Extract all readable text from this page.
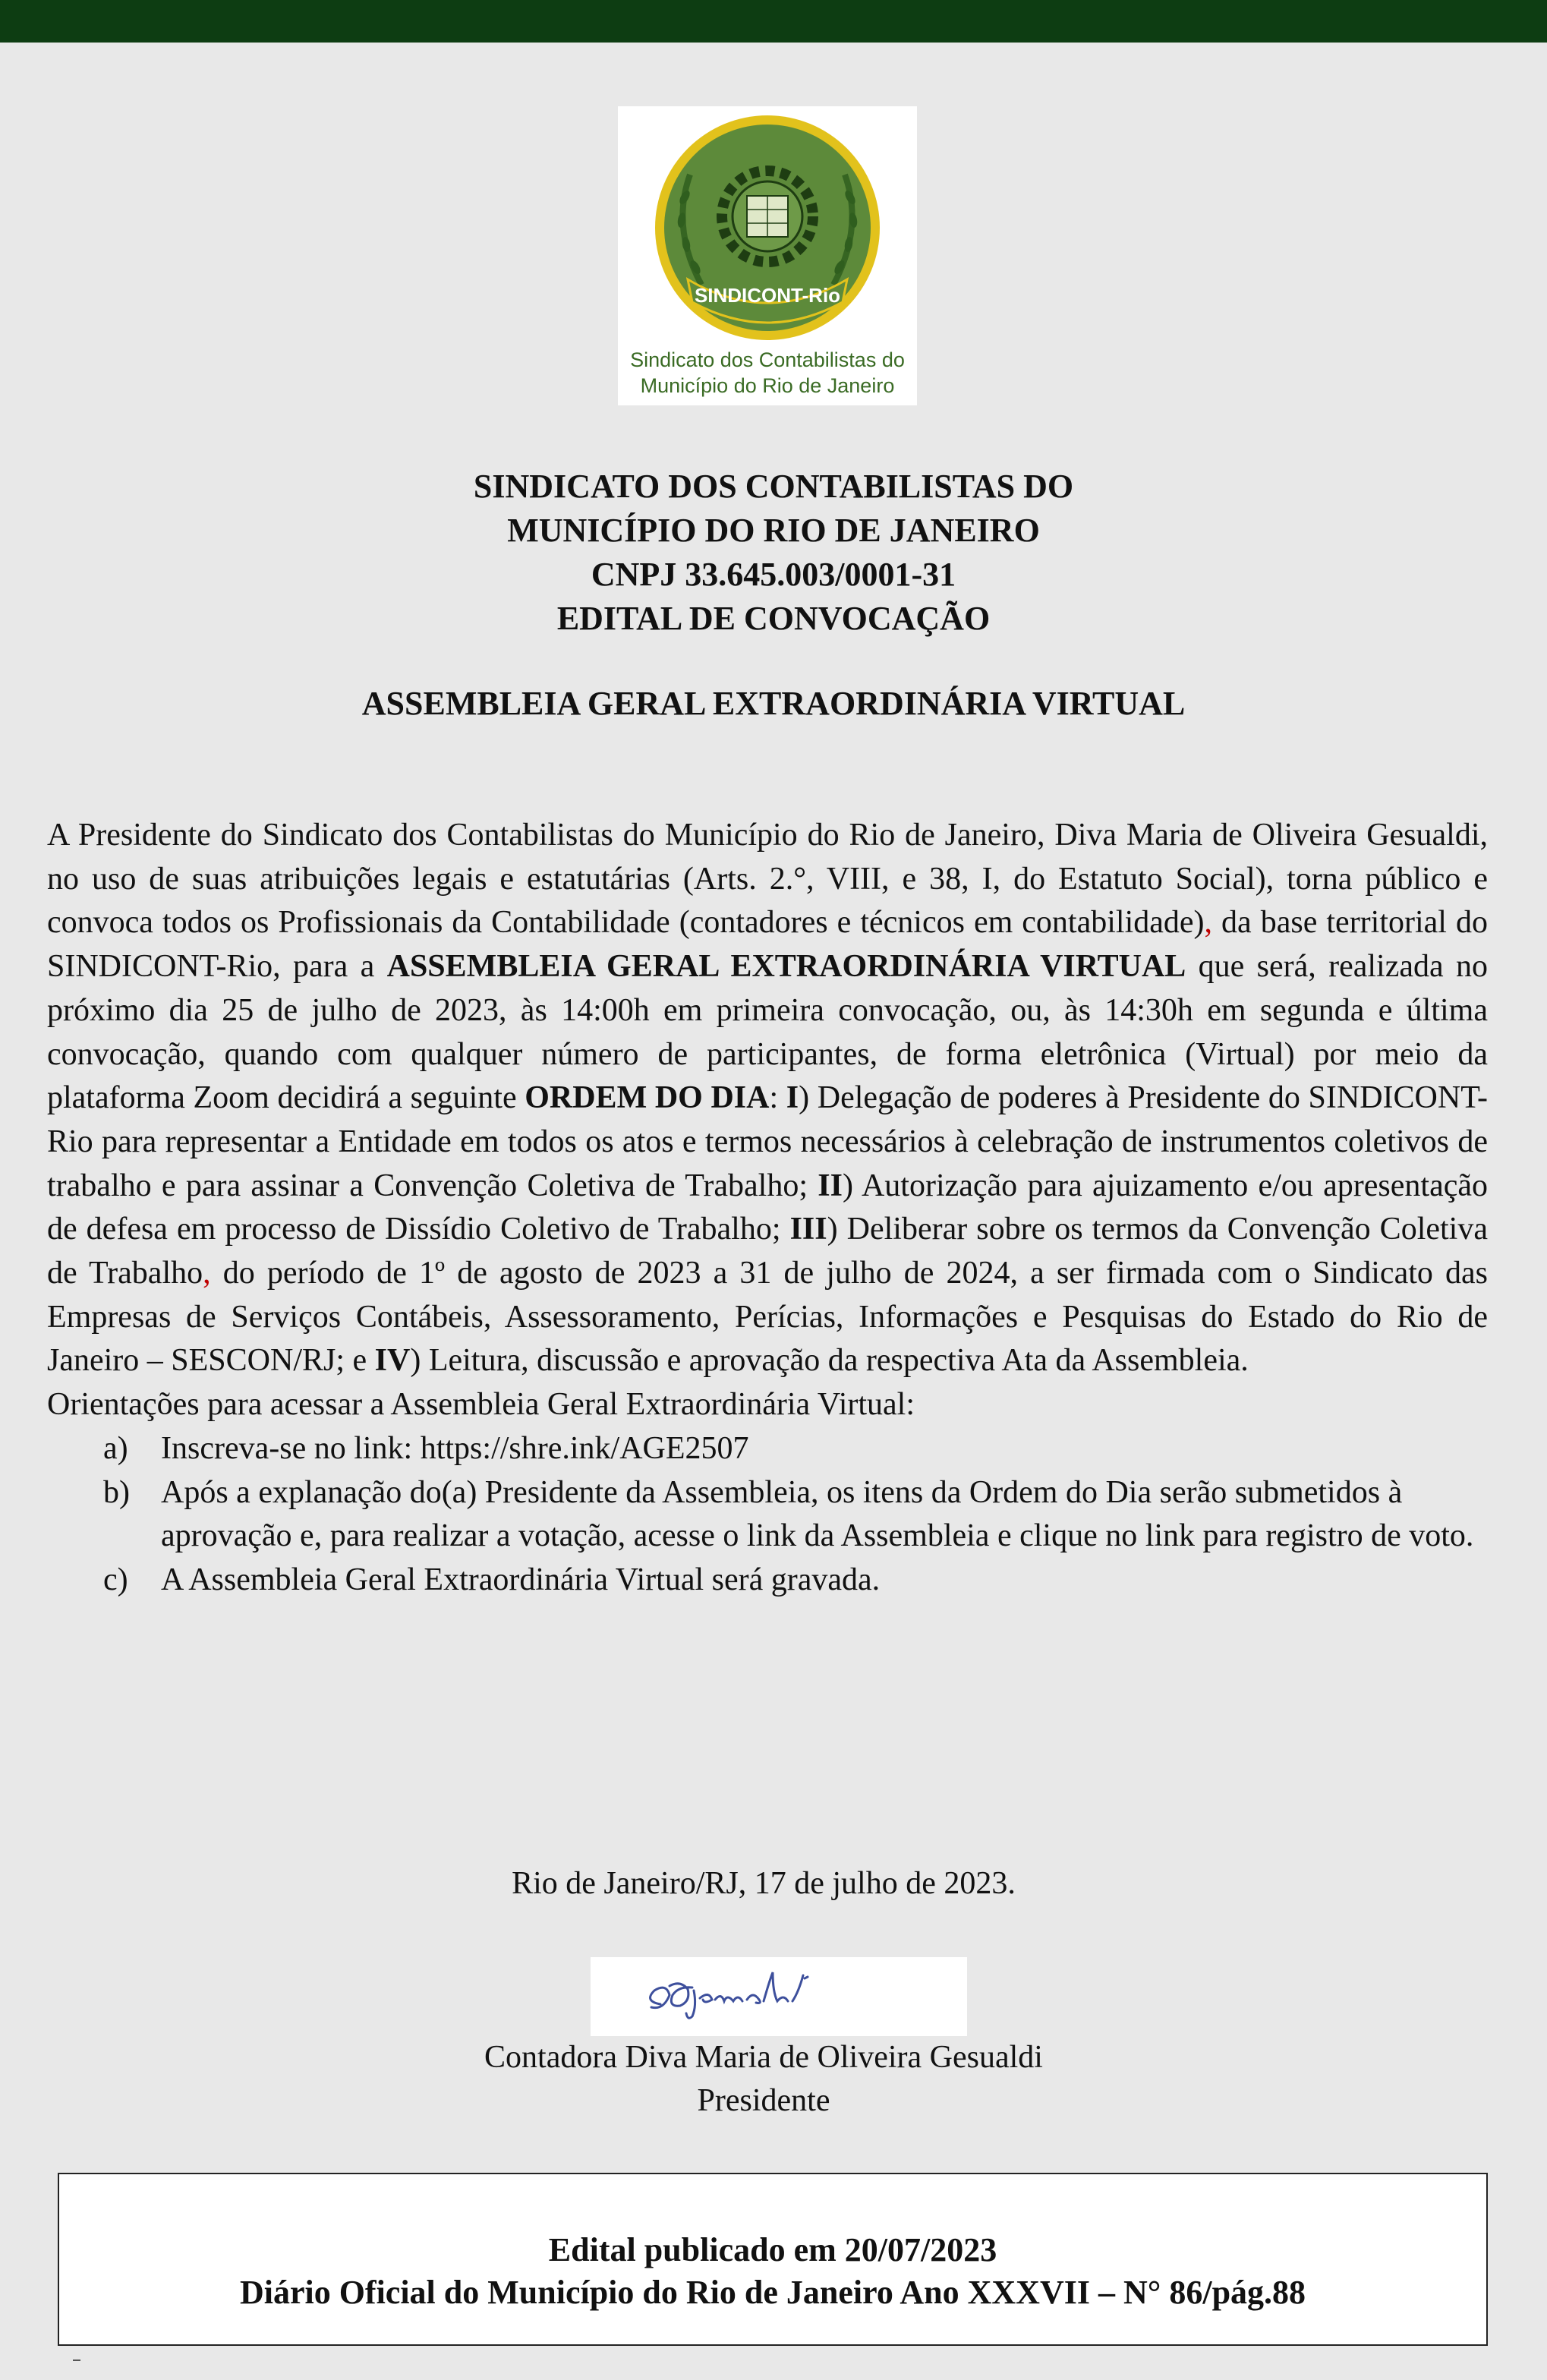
SINDICONT-Rio
Sindicato dos Contabilistas do
Município do Rio de Janeiro
SINDICATO DOS CONTABILISTAS DO
MUNICÍPIO DO RIO DE JANEIRO
CNPJ 33.645.003/0001-31
EDITAL DE CONVOCAÇÃO
ASSEMBLEIA GERAL EXTRAORDINÁRIA VIRTUAL

A Presidente do Sindicato dos Contabilistas do Município do Rio de Janeiro, Diva Maria de Oliveira Gesualdi, no uso de suas atribuições legais e estatutárias (Arts. 2.°, VIII, e 38, I, do Estatuto Social), torna público e convoca todos os Profissionais da Contabilidade (contadores e técnicos em contabilidade), da base territorial do SINDICONT-Rio, para a ASSEMBLEIA GERAL EXTRAORDINÁRIA VIRTUAL que será, realizada no próximo dia 25 de julho de 2023, às 14:00h em primeira convocação, ou, às 14:30h em segunda e última convocação, quando com qualquer número de participantes, de forma eletrônica (Virtual) por meio da plataforma Zoom decidirá a seguinte ORDEM DO DIA: I) Delegação de poderes à Presidente do SINDICONT-Rio para representar a Entidade em todos os atos e termos necessários à celebração de instrumentos coletivos de trabalho e para assinar a Convenção Coletiva de Trabalho; II) Autorização para ajuizamento e/ou apresentação de defesa em processo de Dissídio Coletivo de Trabalho; III) Deliberar sobre os termos da Convenção Coletiva de Trabalho, do período de 1º de agosto de 2023 a 31 de julho de 2024, a ser firmada com o Sindicato das Empresas de Serviços Contábeis, Assessoramento, Perícias, Informações e Pesquisas do Estado do Rio de Janeiro – SESCON/RJ; e IV) Leitura, discussão e aprovação da respectiva Ata da Assembleia.

Orientações para acessar a Assembleia Geral Extraordinária Virtual:

a) Inscreva-se no link: https://shre.ink/AGE2507
b) Após a explanação do(a) Presidente da Assembleia, os itens da Ordem do Dia serão submetidos à aprovação e, para realizar a votação, acesse o link da Assembleia e clique no link para registro de voto.
c) A Assembleia Geral Extraordinária Virtual será gravada.
Rio de Janeiro/RJ, 17 de julho de 2023.
Contadora Diva Maria de Oliveira Gesualdi
Presidente
Edital publicado em 20/07/2023
Diário Oficial do Município do Rio de Janeiro Ano XXXVII – N° 86/pág.88
